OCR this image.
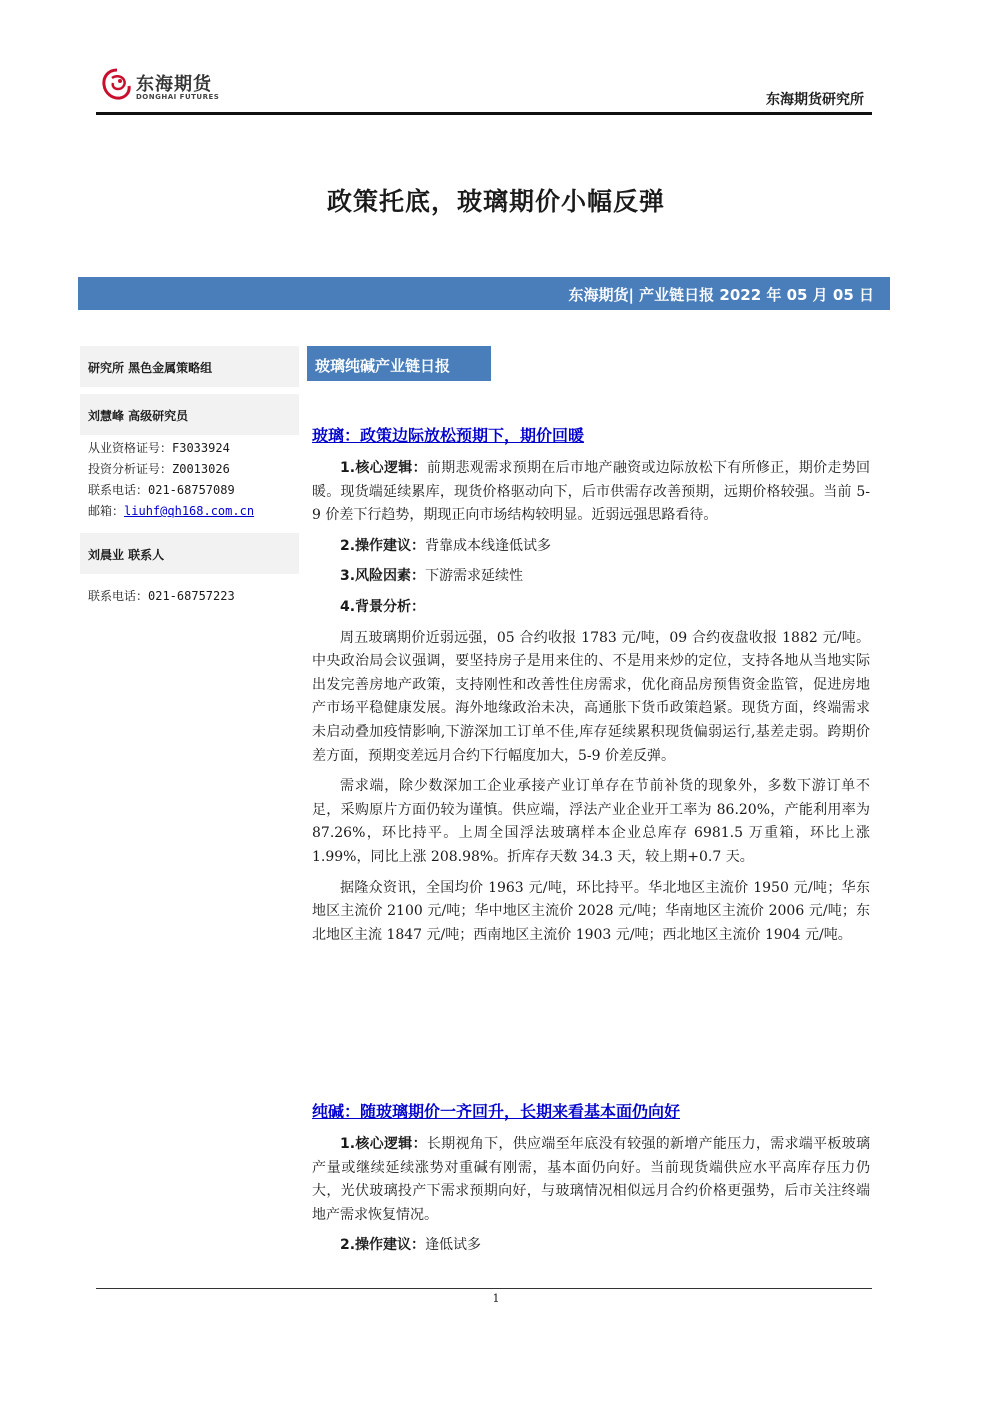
东海期货
DONGHAI FUTURES	东海期货研究所
政策托底，玻璃期价小幅反弹
东海期货| 产业链日报 2022 年 05 月 05 日
研究所 黑色金属策略组
刘慧峰 高级研究员
从业资格证号：F3033924
投资分析证号：Z0013026
联系电话：021-68757089
邮箱：liuhf@qh168.com.cn
刘晨业 联系人
联系电话：021-68757223
玻璃纯碱产业链日报
玻璃：政策边际放松预期下，期价回暖

1.核心逻辑：前期悲观需求预期在后市地产融资或边际放松下有所修正，期价走势回暖。现货端延续累库，现货价格驱动向下，后市供需存改善预期，远期价格较强。当前 5-9 价差下行趋势，期现正向市场结构较明显。近弱远强思路看待。

2.操作建议：背靠成本线逢低试多

3.风险因素：下游需求延续性

4.背景分析：

周五玻璃期价近弱远强，05 合约收报 1783 元/吨，09 合约夜盘收报 1882 元/吨。中央政治局会议强调，要坚持房子是用来住的、不是用来炒的定位，支持各地从当地实际出发完善房地产政策，支持刚性和改善性住房需求，优化商品房预售资金监管，促进房地产市场平稳健康发展。海外地缘政治未决，高通胀下货币政策趋紧。现货方面，终端需求未启动叠加疫情影响,下游深加工订单不佳,库存延续累积现货偏弱运行,基差走弱。跨期价差方面，预期变差远月合约下行幅度加大，5-9 价差反弹。

需求端，除少数深加工企业承接产业订单存在节前补货的现象外，多数下游订单不足，采购原片方面仍较为谨慎。供应端，浮法产业企业开工率为 86.20%，产能利用率为 87.26%，环比持平。上周全国浮法玻璃样本企业总库存 6981.5 万重箱，环比上涨 1.99%，同比上涨 208.98%。折库存天数 34.3 天，较上期+0.7 天。

据隆众资讯，全国均价 1963 元/吨，环比持平。华北地区主流价 1950 元/吨；华东地区主流价 2100 元/吨；华中地区主流价 2028 元/吨；华南地区主流价 2006 元/吨；东北地区主流 1847 元/吨；西南地区主流价 1903 元/吨；西北地区主流价 1904 元/吨。

纯碱：随玻璃期价一齐回升，长期来看基本面仍向好

1.核心逻辑：长期视角下，供应端至年底没有较强的新增产能压力，需求端平板玻璃产量或继续延续涨势对重碱有刚需，基本面仍向好。当前现货端供应水平高库存压力仍大，光伏玻璃投产下需求预期向好，与玻璃情况相似远月合约价格更强势，后市关注终端地产需求恢复情况。

2.操作建议：逢低试多

1
